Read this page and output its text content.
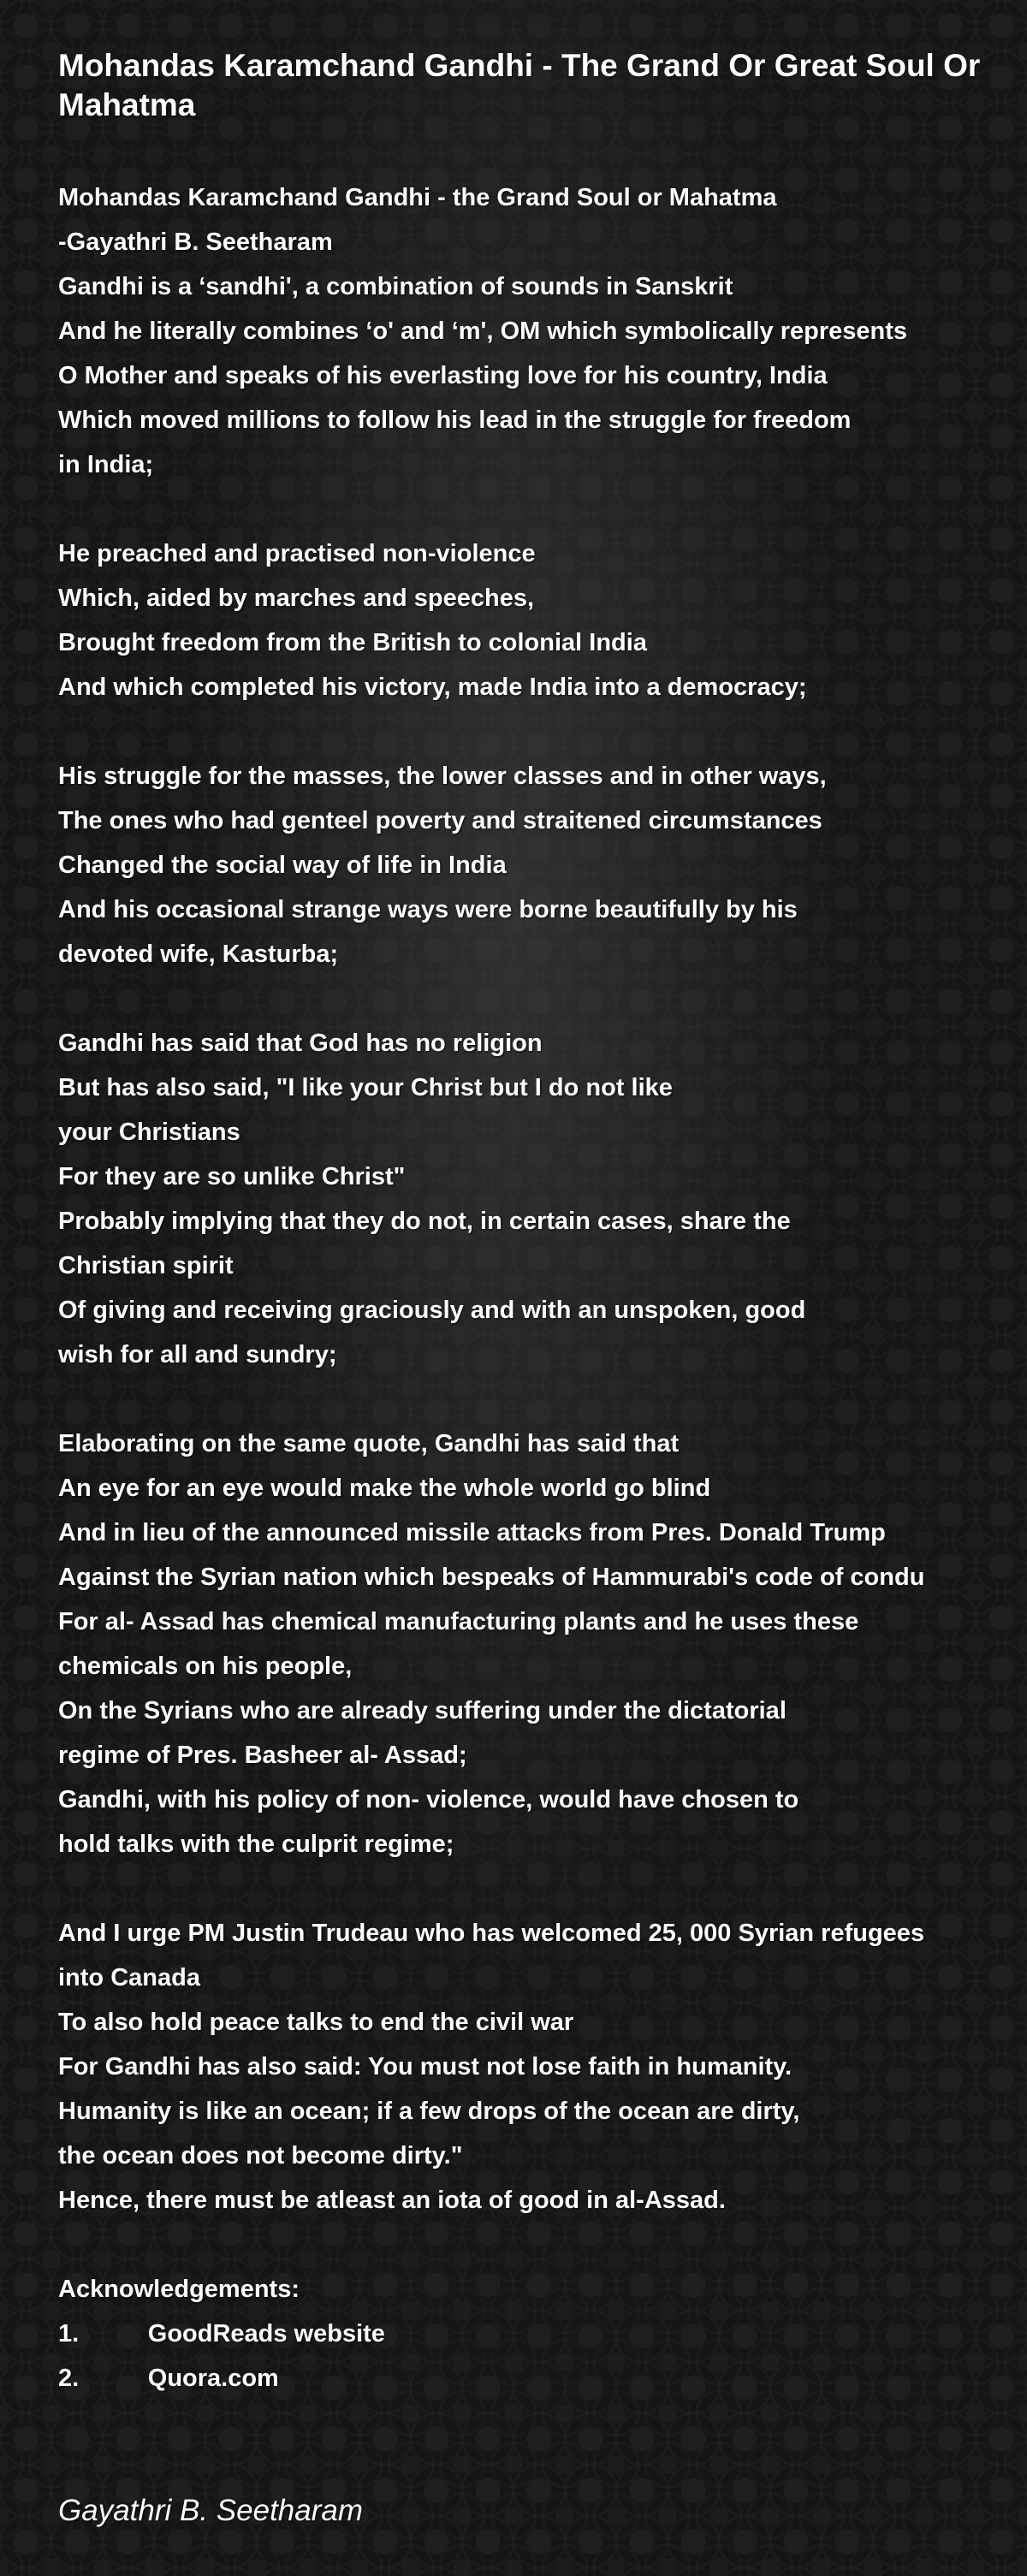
Mohandas Karamchand Gandhi - The Grand Or Great Soul Or Mahatma
Mohandas Karamchand Gandhi - the Grand Soul or Mahatma
-Gayathri B. Seetharam
Gandhi is a ‘sandhi', a combination of sounds in Sanskrit
And he literally combines ‘o' and ‘m', OM which symbolically represents
O Mother and speaks of his everlasting love for his country, India
Which moved millions to follow his lead in the struggle for freedom
in India;
He preached and practised non-violence
Which, aided by marches and speeches,
Brought freedom from the British to colonial India
And which completed his victory, made India into a democracy;
His struggle for the masses, the lower classes and in other ways,
The ones who had genteel poverty and straitened circumstances
Changed the social way of life in India
And his occasional strange ways were borne beautifully by his
devoted wife, Kasturba;
Gandhi has said that God has no religion
But has also said, "I like your Christ but I do not like
your Christians
For they are so unlike Christ"
Probably implying that they do not, in certain cases, share the
Christian spirit
Of giving and receiving graciously and with an unspoken, good
wish for all and sundry;
Elaborating on the same quote, Gandhi has said that
An eye for an eye would make the whole world go blind
And in lieu of the announced missile attacks from Pres. Donald Trump
Against the Syrian nation which bespeaks of Hammurabi's code of condu
For al- Assad has chemical manufacturing plants and he uses these
chemicals on his people,
On the Syrians who are already suffering under the dictatorial
regime of Pres. Basheer al- Assad;
Gandhi, with his policy of non- violence, would have chosen to
hold talks with the culprit regime;
And I urge PM Justin Trudeau who has welcomed 25, 000 Syrian refugees
into Canada
To also hold peace talks to end the civil war
For Gandhi has also said: You must not lose faith in humanity.
Humanity is like an ocean; if a few drops of the ocean are dirty,
the ocean does not become dirty."
Hence, there must be atleast an iota of good in al-Assad.
Acknowledgements:
1.          GoodReads website
2.          Quora.com
Gayathri B. Seetharam
